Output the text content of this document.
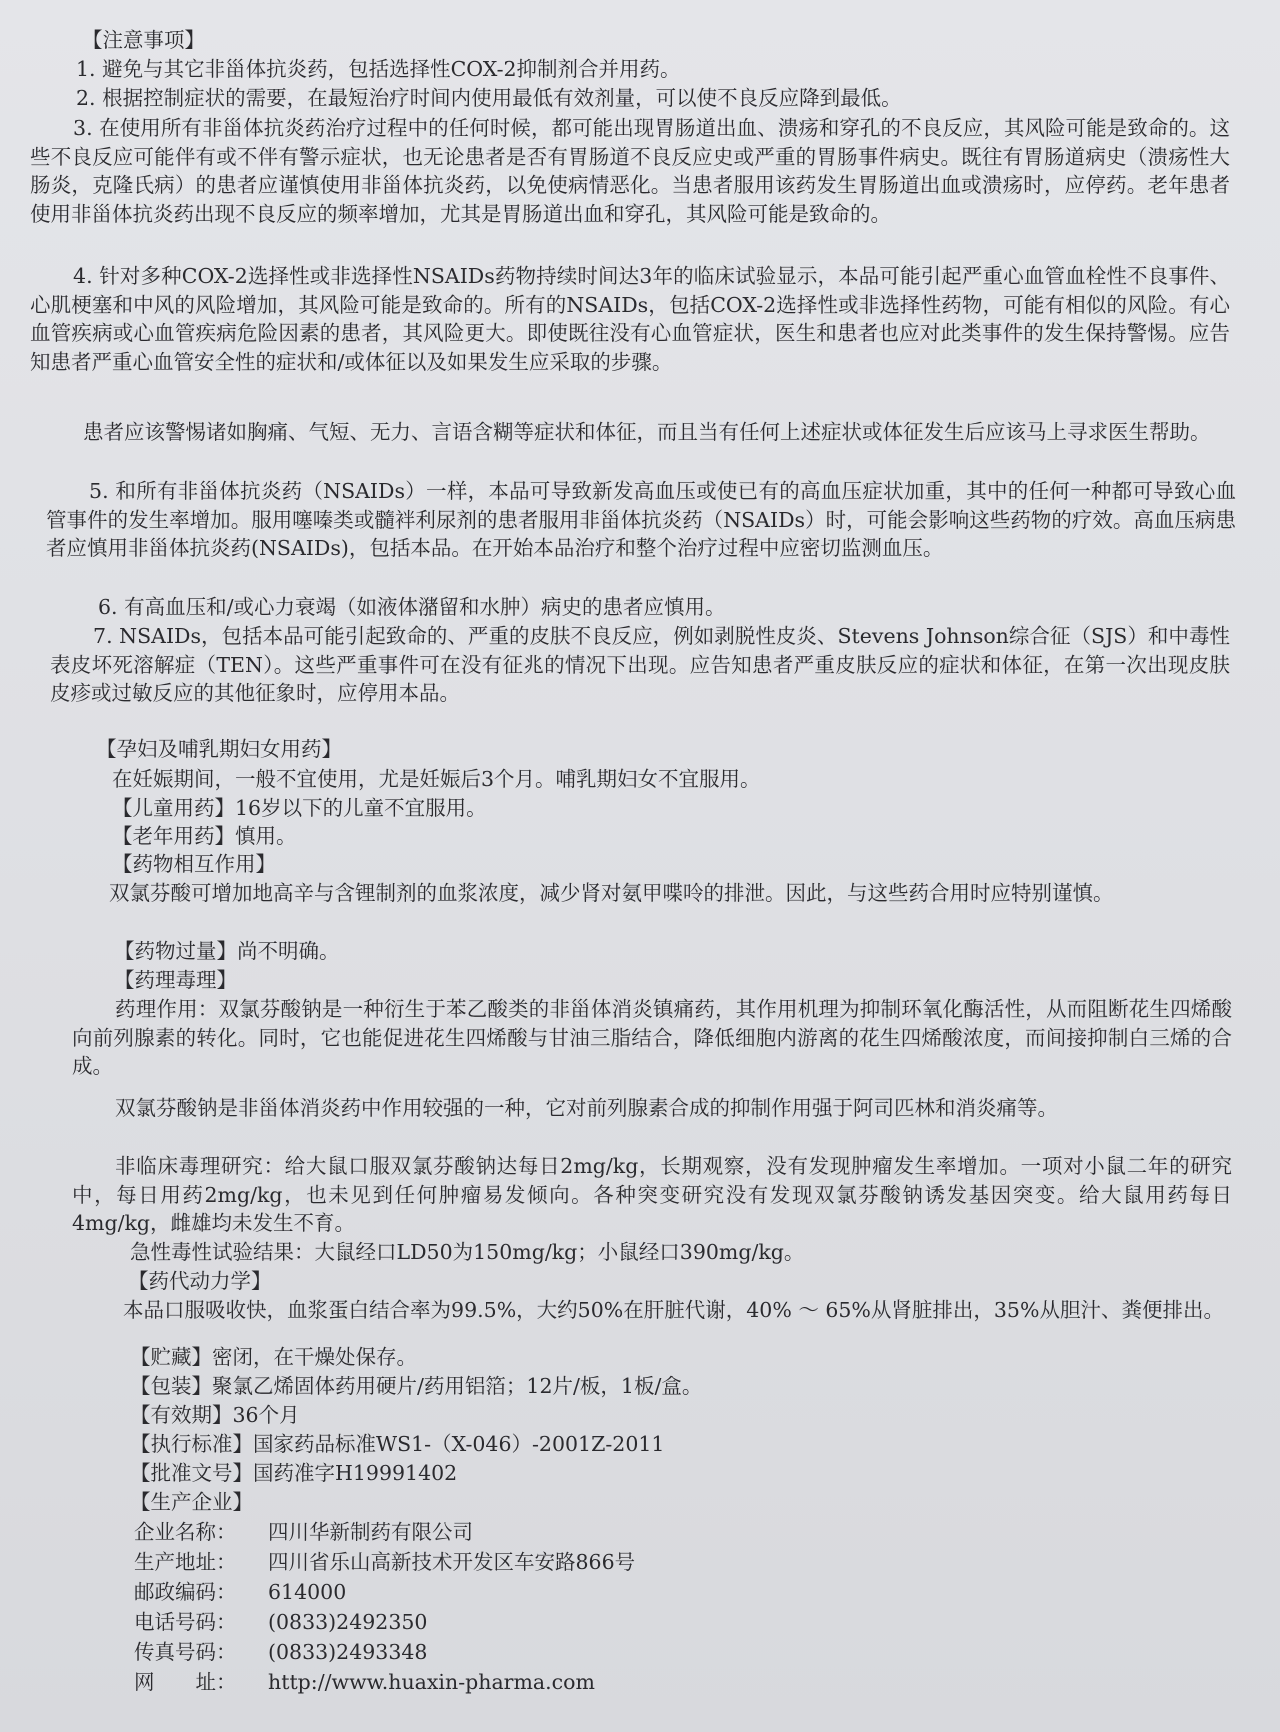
【注意事项】
1. 避免与其它非甾体抗炎药，包括选择性COX-2抑制剂合并用药。
2. 根据控制症状的需要，在最短治疗时间内使用最低有效剂量，可以使不良反应降到最低。
3. 在使用所有非甾体抗炎药治疗过程中的任何时候，都可能出现胃肠道出血、溃疡和穿孔的不良反应，其风险可能是致命的。这些不良反应可能伴有或不伴有警示症状，也无论患者是否有胃肠道不良反应史或严重的胃肠事件病史。既往有胃肠道病史（溃疡性大肠炎，克隆氏病）的患者应谨慎使用非甾体抗炎药，以免使病情恶化。当患者服用该药发生胃肠道出血或溃疡时，应停药。老年患者使用非甾体抗炎药出现不良反应的频率增加，尤其是胃肠道出血和穿孔，其风险可能是致命的。
4. 针对多种COX-2选择性或非选择性NSAIDs药物持续时间达3年的临床试验显示，本品可能引起严重心血管血栓性不良事件、心肌梗塞和中风的风险增加，其风险可能是致命的。所有的NSAIDs，包括COX-2选择性或非选择性药物，可能有相似的风险。有心血管疾病或心血管疾病危险因素的患者，其风险更大。即使既往没有心血管症状，医生和患者也应对此类事件的发生保持警惕。应告知患者严重心血管安全性的症状和/或体征以及如果发生应采取的步骤。
患者应该警惕诸如胸痛、气短、无力、言语含糊等症状和体征，而且当有任何上述症状或体征发生后应该马上寻求医生帮助。
5. 和所有非甾体抗炎药（NSAIDs）一样，本品可导致新发高血压或使已有的高血压症状加重，其中的任何一种都可导致心血管事件的发生率增加。服用噻嗪类或髓袢利尿剂的患者服用非甾体抗炎药（NSAIDs）时，可能会影响这些药物的疗效。高血压病患者应慎用非甾体抗炎药(NSAIDs)，包括本品。在开始本品治疗和整个治疗过程中应密切监测血压。
6. 有高血压和/或心力衰竭（如液体潴留和水肿）病史的患者应慎用。
7. NSAIDs，包括本品可能引起致命的、严重的皮肤不良反应，例如剥脱性皮炎、Stevens Johnson综合征（SJS）和中毒性表皮坏死溶解症（TEN）。这些严重事件可在没有征兆的情况下出现。应告知患者严重皮肤反应的症状和体征，在第一次出现皮肤皮疹或过敏反应的其他征象时，应停用本品。
【孕妇及哺乳期妇女用药】
在妊娠期间，一般不宜使用，尤是妊娠后3个月。哺乳期妇女不宜服用。
【儿童用药】16岁以下的儿童不宜服用。
【老年用药】慎用。
【药物相互作用】
双氯芬酸可增加地高辛与含锂制剂的血浆浓度，减少肾对氨甲喋呤的排泄。因此，与这些药合用时应特别谨慎。
【药物过量】尚不明确。
【药理毒理】
药理作用：双氯芬酸钠是一种衍生于苯乙酸类的非甾体消炎镇痛药，其作用机理为抑制环氧化酶活性，从而阻断花生四烯酸向前列腺素的转化。同时，它也能促进花生四烯酸与甘油三脂结合，降低细胞内游离的花生四烯酸浓度，而间接抑制白三烯的合成。
双氯芬酸钠是非甾体消炎药中作用较强的一种，它对前列腺素合成的抑制作用强于阿司匹林和消炎痛等。
非临床毒理研究：给大鼠口服双氯芬酸钠达每日2mg/kg，长期观察，没有发现肿瘤发生率增加。一项对小鼠二年的研究中，每日用药2mg/kg，也未见到任何肿瘤易发倾向。各种突变研究没有发现双氯芬酸钠诱发基因突变。给大鼠用药每日4mg/kg，雌雄均未发生不育。
急性毒性试验结果：大鼠经口LD50为150mg/kg；小鼠经口390mg/kg。
【药代动力学】
本品口服吸收快，血浆蛋白结合率为99.5%，大约50%在肝脏代谢，40% ～ 65%从肾脏排出，35%从胆汁、粪便排出。
【贮藏】密闭，在干燥处保存。
【包装】聚氯乙烯固体药用硬片/药用铝箔；12片/板，1板/盒。
【有效期】36个月
【执行标准】国家药品标准WS1-（X-046）-2001Z-2011
【批准文号】国药准字H19991402
【生产企业】
企业名称： 四川华新制药有限公司
生产地址： 四川省乐山高新技术开发区车安路866号
邮政编码： 614000
电话号码： (0833)2492350
传真号码： (0833)2493348
网　　址： http://www.huaxin-pharma.com
